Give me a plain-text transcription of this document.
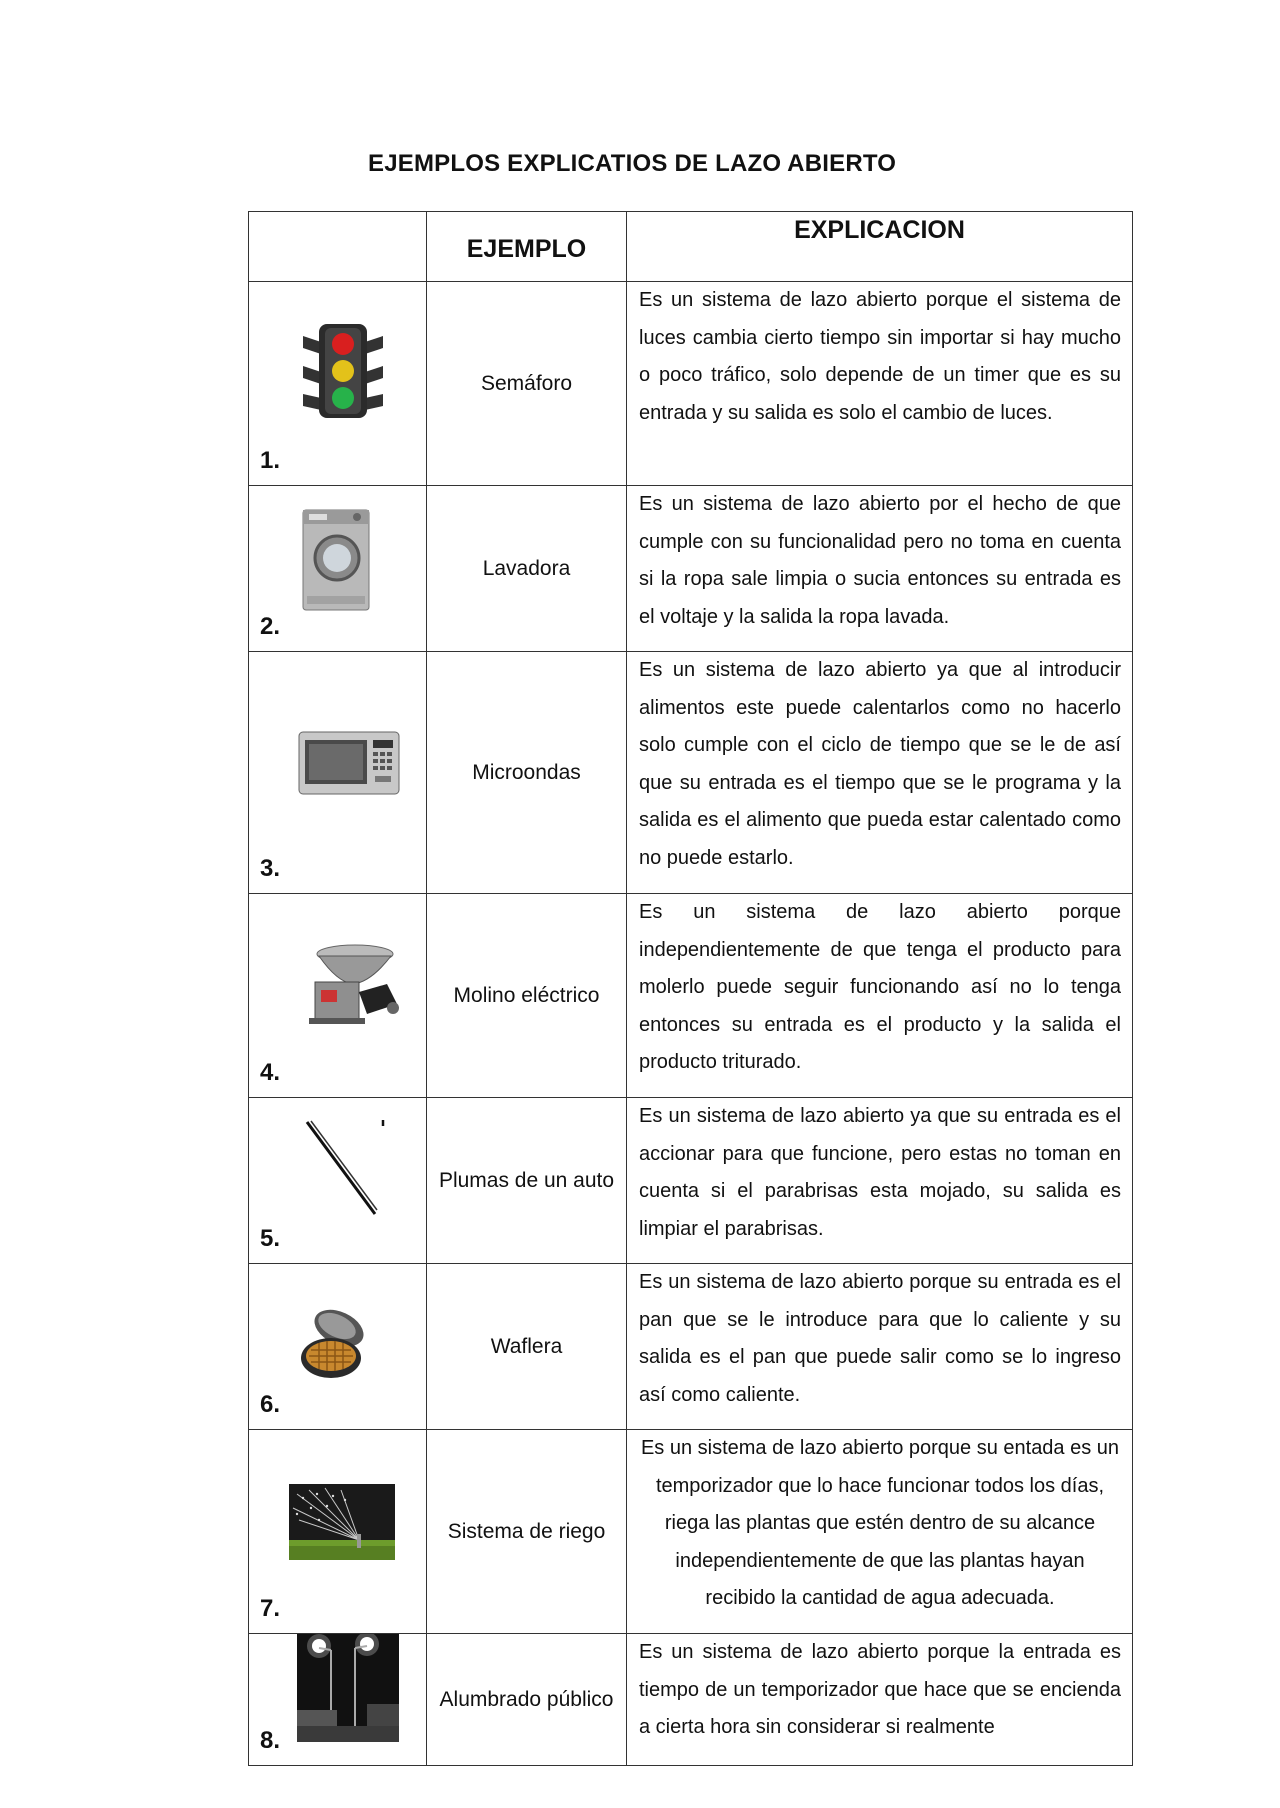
EJEMPLOS EXPLICATIOS DE LAZO ABIERTO
	EJEMPLO	EXPLICACION

1.	Semáforo	Es un sistema de lazo abierto porque el sistema de luces cambia cierto tiempo sin importar si hay mucho o poco tráfico, solo depende de un timer que es su entrada y su salida es solo el cambio de luces.

2.	Lavadora	Es un sistema de lazo abierto por el hecho de que cumple con su funcionalidad pero no toma en cuenta si la ropa sale limpia o sucia entonces su entrada es el voltaje y la salida la ropa lavada.

3.	Microondas	Es un sistema de lazo abierto ya que al introducir alimentos este puede calentarlos como no hacerlo solo cumple con el ciclo de tiempo que se le de así que su entrada es el tiempo que se le programa y la salida es el alimento que pueda estar calentado como no puede estarlo.

4.	Molino eléctrico	Es un sistema de lazo abierto porque independientemente de que tenga el producto para molerlo puede seguir funcionando así no lo tenga entonces su entrada es el producto y la salida el producto triturado.

5.	Plumas de un auto	Es un sistema de lazo abierto ya que su entrada es el accionar para que funcione, pero estas no toman en cuenta si el parabrisas esta mojado, su salida es limpiar el parabrisas.

6.	Waflera	Es un sistema de lazo abierto porque su entrada es el pan que se le introduce para que lo caliente y su salida es el pan que puede salir como se lo ingreso así como caliente.

7.	Sistema de riego	Es un sistema de lazo abierto porque su entada es un temporizador que lo hace funcionar todos los días, riega las plantas que estén dentro de su alcance independientemente de que las plantas hayan recibido la cantidad de agua adecuada.

8.	Alumbrado público	Es un sistema de lazo abierto porque la entrada es tiempo de un temporizador que hace que se encienda a cierta hora sin considerar si realmente
